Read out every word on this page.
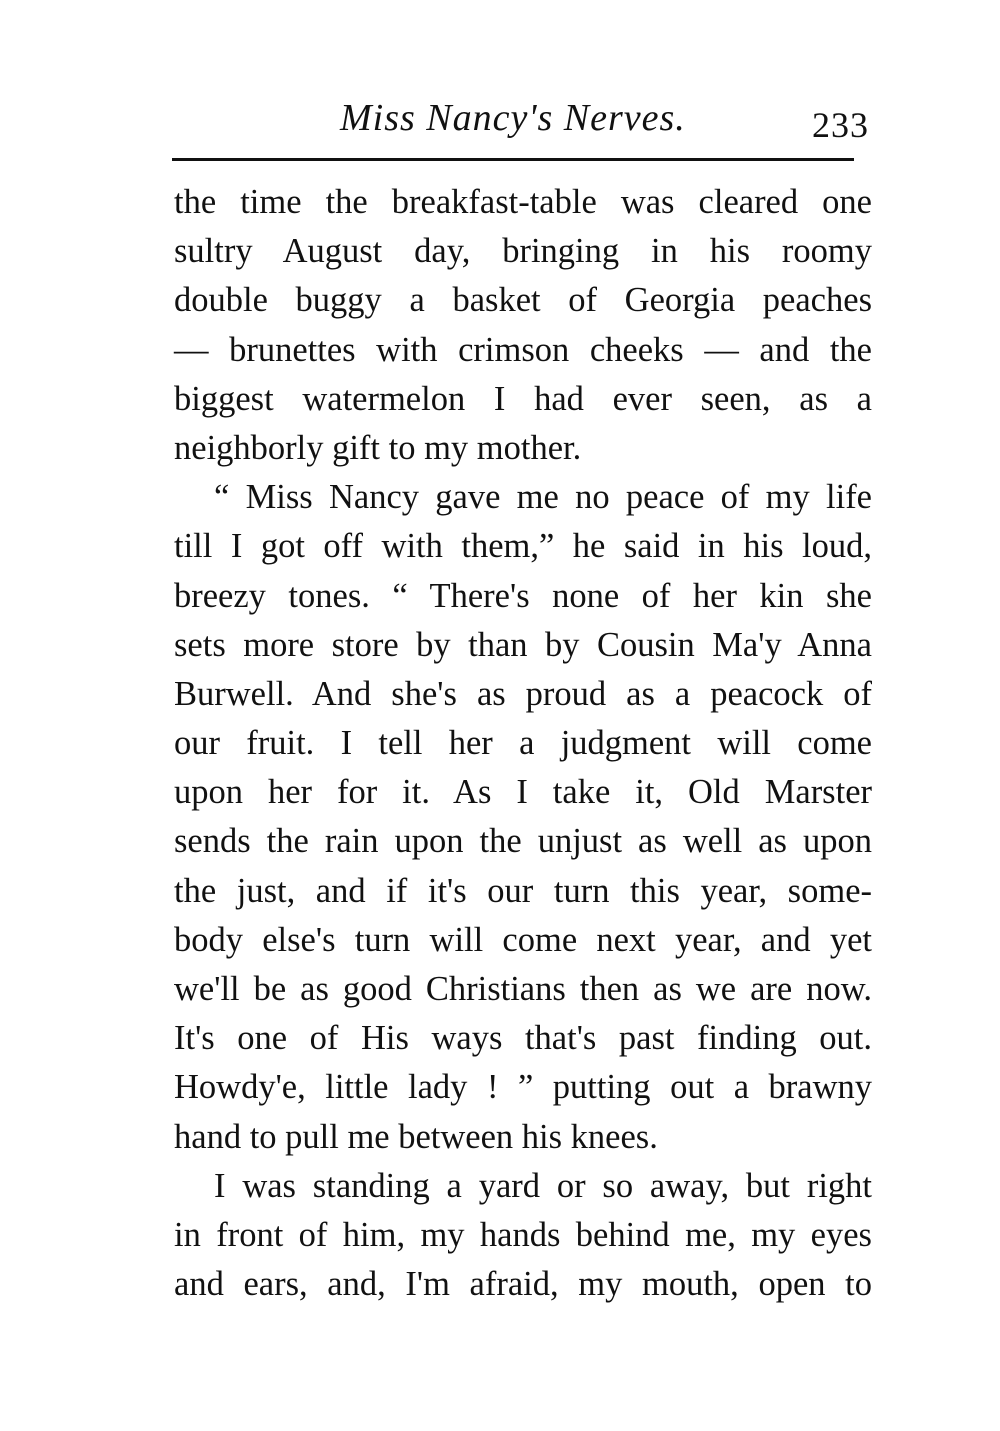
Miss Nancy's Nerves.	233
the time the breakfast-table was cleared one
sultry August day, bringing in his roomy
double buggy a basket of Georgia peaches
— brunettes with crimson cheeks — and the
biggest watermelon I had ever seen, as a
neighborly gift to my mother.
“ Miss Nancy gave me no peace of my life
till I got off with them,” he said in his loud,
breezy tones. “ There's none of her kin she
sets more store by than by Cousin Ma'y Anna
Burwell. And she's as proud as a peacock of
our fruit. I tell her a judgment will come
upon her for it. As I take it, Old Marster
sends the rain upon the unjust as well as upon
the just, and if it's our turn this year, some-
body else's turn will come next year, and yet
we'll be as good Christians then as we are now.
It's one of His ways that's past finding out.
Howdy'e, little lady ! ” putting out a brawny
hand to pull me between his knees.
I was standing a yard or so away, but right
in front of him, my hands behind me, my eyes
and ears, and, I'm afraid, my mouth, open to
